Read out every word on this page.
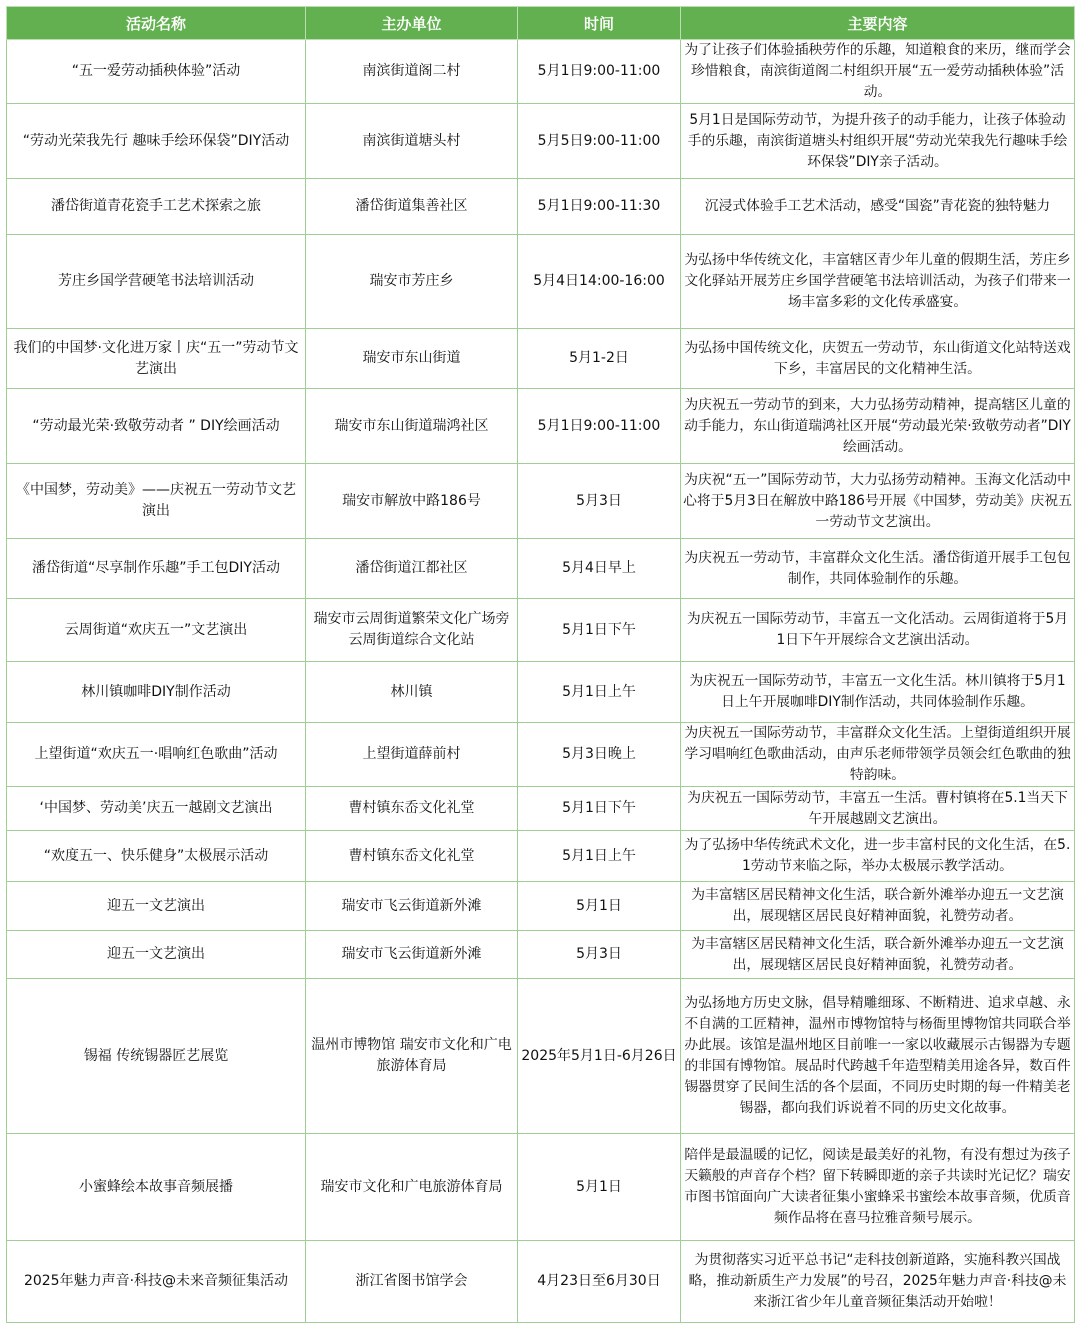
活动名称	主办单位	时间	主要内容
“五一爱劳动插秧体验”活动	南滨街道阁二村	5月1日9:00-11:00	为了让孩子们体验插秧劳作的乐趣，知道粮食的来历，继而学会珍惜粮食，南滨街道阁二村组织开展“五一爱劳动插秧体验”活动。
“劳动光荣我先行 趣味手绘环保袋”DIY活动	南滨街道塘头村	5月5日9:00-11:00	5月1日是国际劳动节，为提升孩子的动手能力，让孩子体验动手的乐趣，南滨街道塘头村组织开展“劳动光荣我先行趣味手绘环保袋”DIY亲子活动。
潘岱街道青花瓷手工艺术探索之旅	潘岱街道集善社区	5月1日9:00-11:30	沉浸式体验手工艺术活动，感受“国瓷”青花瓷的独特魅力
芳庄乡国学营硬笔书法培训活动	瑞安市芳庄乡	5月4日14:00-16:00	为弘扬中华传统文化，丰富辖区青少年儿童的假期生活，芳庄乡文化驿站开展芳庄乡国学营硬笔书法培训活动，为孩子们带来一场丰富多彩的文化传承盛宴。
我们的中国梦·文化进万家丨庆“五一”劳动节文艺演出	瑞安市东山街道	5月1-2日	为弘扬中国传统文化，庆贺五一劳动节，东山街道文化站特送戏下乡，丰富居民的文化精神生活。
“劳动最光荣·致敬劳动者 ” DIY绘画活动	瑞安市东山街道瑞鸿社区	5月1日9:00-11:00	为庆祝五一劳动节的到来，大力弘扬劳动精神，提高辖区儿童的动手能力，东山街道瑞鸿社区开展“劳动最光荣·致敬劳动者”DIY绘画活动。
《中国梦，劳动美》——庆祝五一劳动节文艺演出	瑞安市解放中路186号	5月3日	为庆祝“五一”国际劳动节，大力弘扬劳动精神。玉海文化活动中心将于5月3日在解放中路186号开展《中国梦，劳动美》庆祝五一劳动节文艺演出。
潘岱街道“尽享制作乐趣”手工包DIY活动	潘岱街道江都社区	5月4日早上	为庆祝五一劳动节，丰富群众文化生活。潘岱街道开展手工包包制作，共同体验制作的乐趣。
云周街道“欢庆五一”文艺演出	瑞安市云周街道繁荣文化广场旁云周街道综合文化站	5月1日下午	为庆祝五一国际劳动节，丰富五一文化活动。云周街道将于5月1日下午开展综合文艺演出活动。
林川镇咖啡DIY制作活动	林川镇	5月1日上午	为庆祝五一国际劳动节，丰富五一文化生活。林川镇将于5月1日上午开展咖啡DIY制作活动，共同体验制作乐趣。
上望街道“欢庆五一·唱响红色歌曲”活动	上望街道薛前村	5月3日晚上	为庆祝五一国际劳动节，丰富群众文化生活。上望街道组织开展学习唱响红色歌曲活动，由声乐老师带领学员领会红色歌曲的独特韵味。
‘中国梦、劳动美’庆五一越剧文艺演出	曹村镇东岙文化礼堂	5月1日下午	为庆祝五一国际劳动节，丰富五一生活。曹村镇将在5.1当天下午开展越剧文艺演出。
“欢度五一、快乐健身”太极展示活动	曹村镇东岙文化礼堂	5月1日上午	为了弘扬中华传统武术文化，进一步丰富村民的文化生活，在5.1劳动节来临之际，举办太极展示教学活动。
迎五一文艺演出	瑞安市飞云街道新外滩	5月1日	为丰富辖区居民精神文化生活，联合新外滩举办迎五一文艺演出，展现辖区居民良好精神面貌，礼赞劳动者。
迎五一文艺演出	瑞安市飞云街道新外滩	5月3日	为丰富辖区居民精神文化生活，联合新外滩举办迎五一文艺演出，展现辖区居民良好精神面貌，礼赞劳动者。
锡福 传统锡器匠艺展览	温州市博物馆 瑞安市文化和广电旅游体育局	2025年5月1日-6月26日	为弘扬地方历史文脉，倡导精雕细琢、不断精进、追求卓越、永不自满的工匠精神，温州市博物馆特与杨衙里博物馆共同联合举办此展。该馆是温州地区目前唯一一家以收藏展示古锡器为专题的非国有博物馆。展品时代跨越千年造型精美用途各异，数百件锡器贯穿了民间生活的各个层面，不同历史时期的每一件精美老锡器，都向我们诉说着不同的历史文化故事。
小蜜蜂绘本故事音频展播	瑞安市文化和广电旅游体育局	5月1日	陪伴是最温暖的记忆，阅读是最美好的礼物，有没有想过为孩子天籁般的声音存个档？留下转瞬即逝的亲子共读时光记忆？瑞安市图书馆面向广大读者征集小蜜蜂采书蜜绘本故事音频，优质音频作品将在喜马拉雅音频号展示。
2025年魅力声音·科技@未来音频征集活动	浙江省图书馆学会	4月23日至6月30日	为贯彻落实习近平总书记“走科技创新道路，实施科教兴国战略，推动新质生产力发展”的号召，2025年魅力声音·科技@未来浙江省少年儿童音频征集活动开始啦！
